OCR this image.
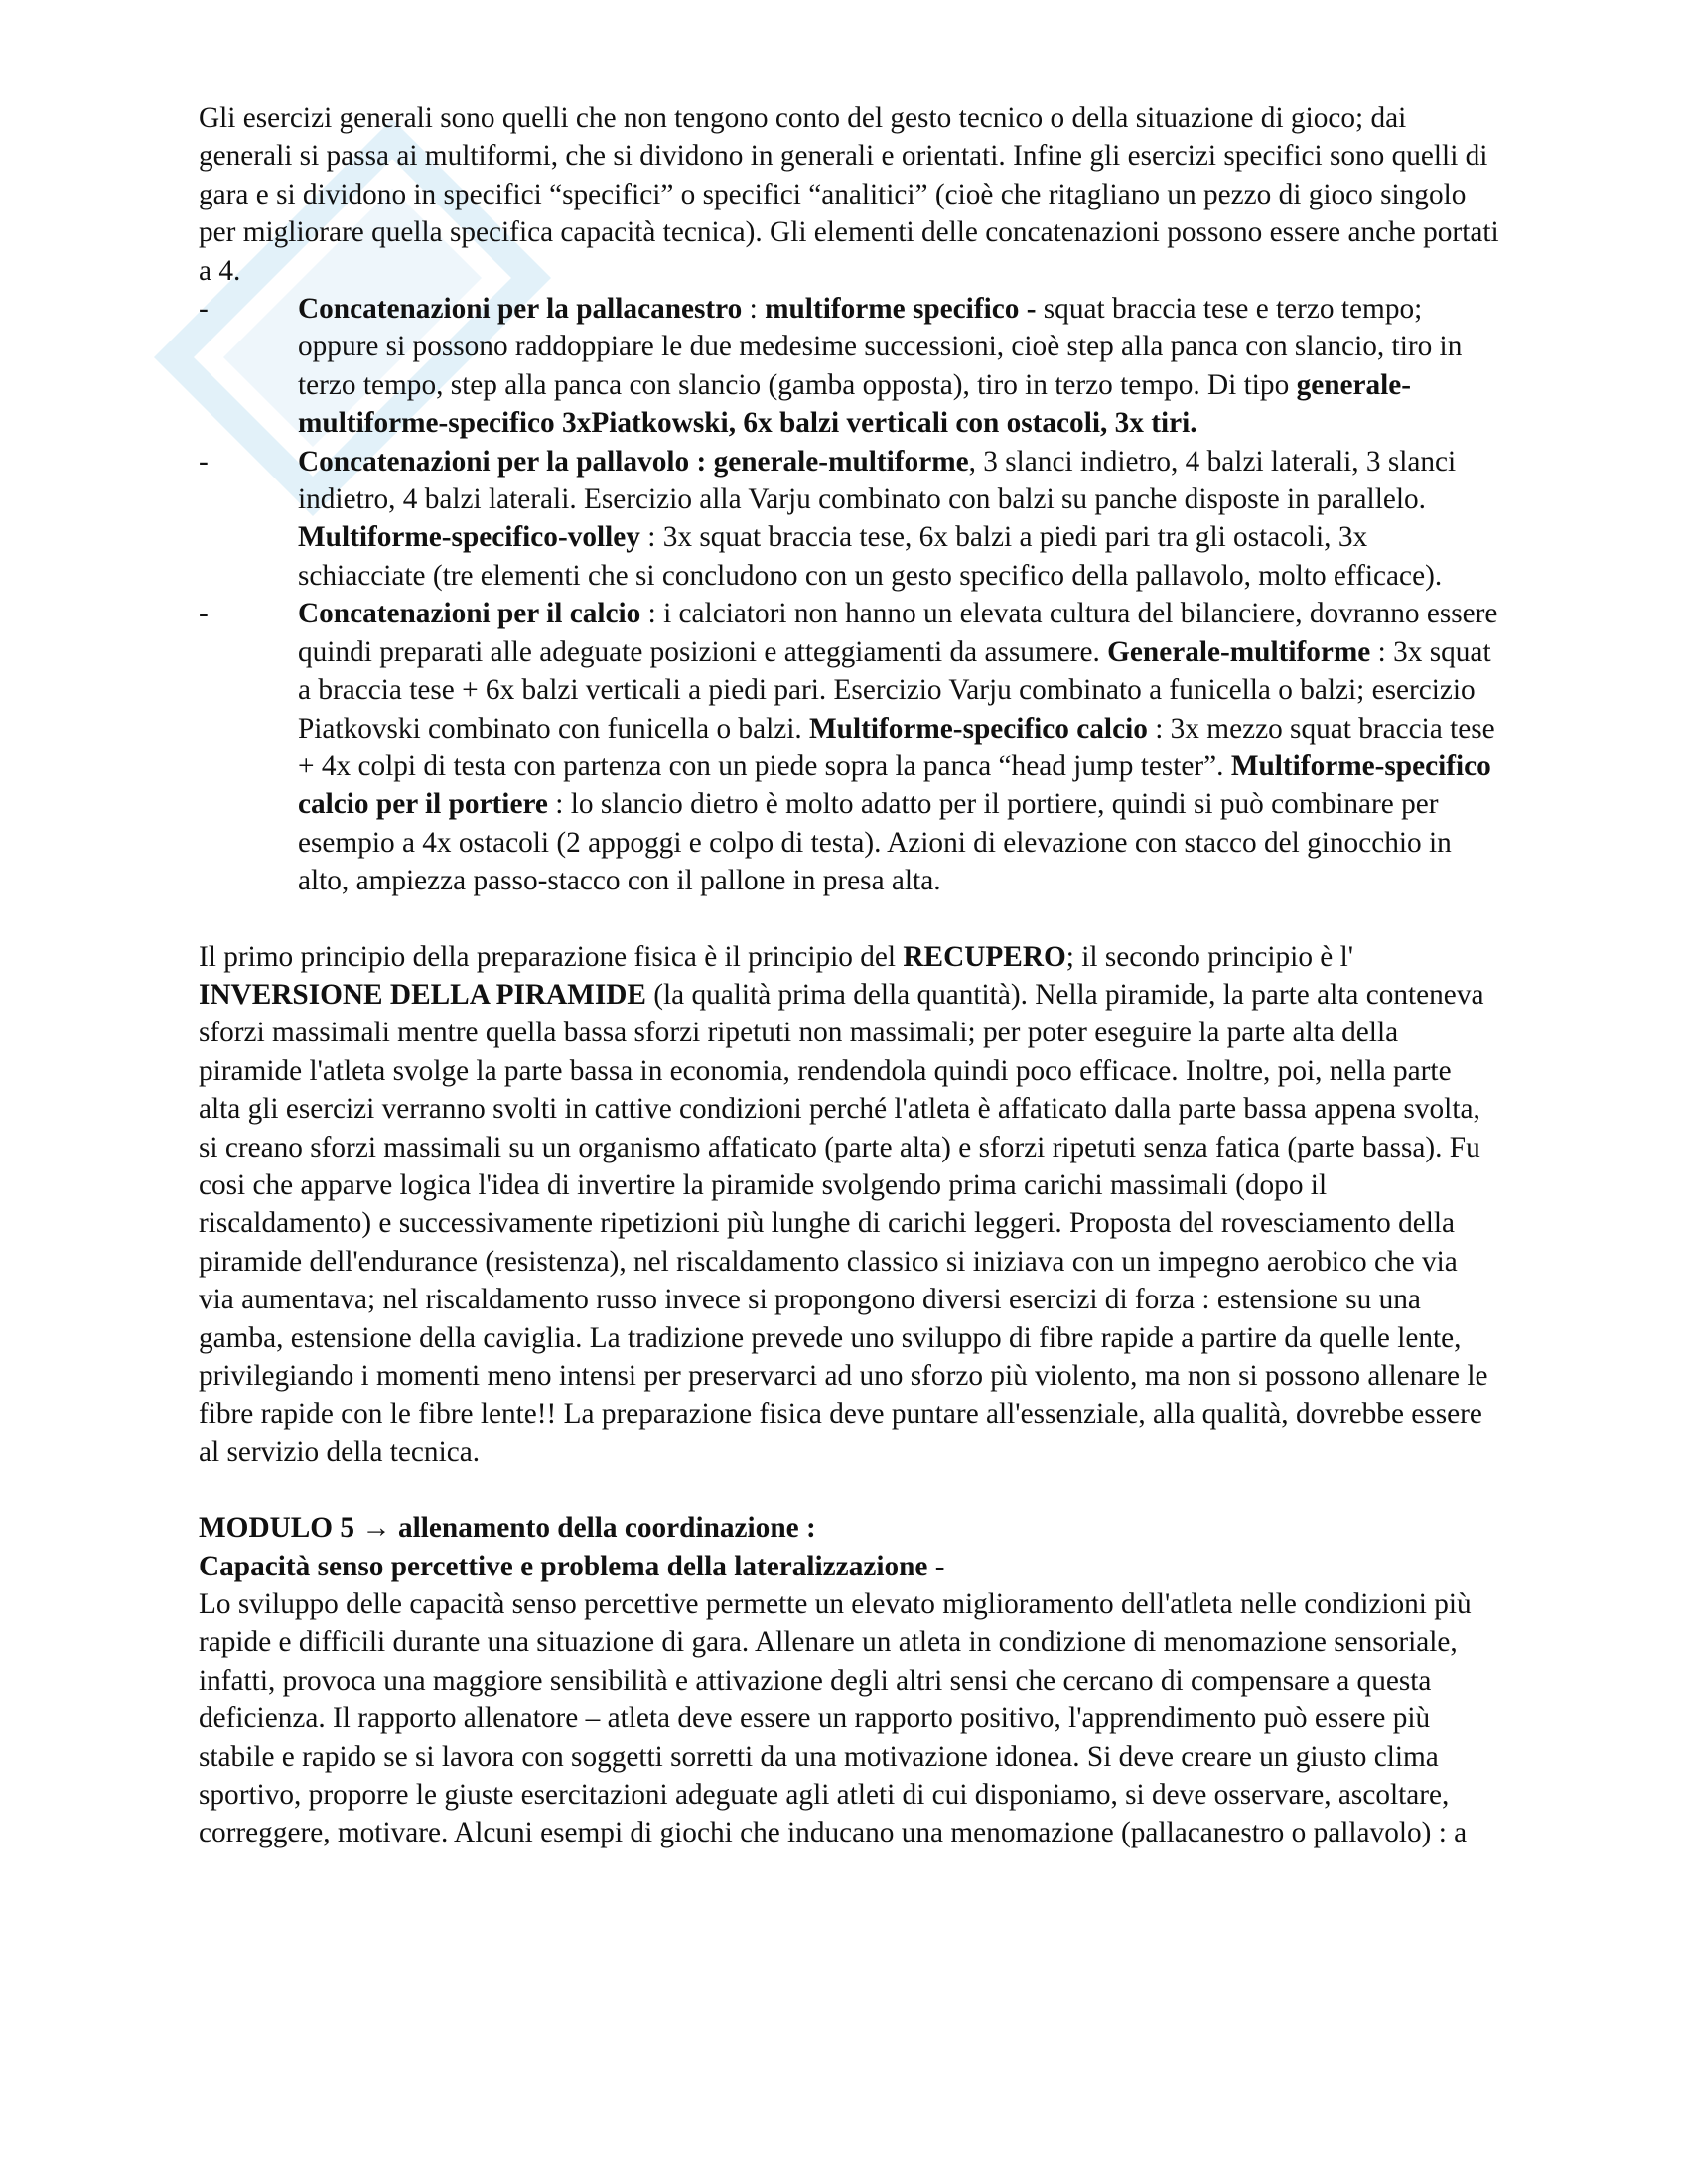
Gli esercizi generali sono quelli che non tengono conto del gesto tecnico o della situazione di gioco; dai generali si passa ai multiformi, che si dividono in generali e orientati. Infine gli esercizi specifici sono quelli di gara e si dividono in specifici “specifici” o specifici “analitici” (cioè che ritagliano un pezzo di gioco singolo per migliorare quella specifica capacità tecnica). Gli elementi delle concatenazioni possono essere anche portati a 4.

-	Concatenazioni per la pallacanestro : multiforme specifico - squat braccia tese e terzo tempo; oppure si possono raddoppiare le due medesime successioni, cioè step alla panca con slancio, tiro in terzo tempo, step alla panca con slancio (gamba opposta), tiro in terzo tempo. Di tipo generale-multiforme-specifico 3xPiatkowski, 6x balzi verticali con ostacoli, 3x tiri.
-	Concatenazioni per la pallavolo : generale-multiforme, 3 slanci indietro, 4 balzi laterali, 3 slanci indietro, 4 balzi laterali. Esercizio alla Varju combinato con balzi su panche disposte in parallelo. Multiforme-specifico-volley : 3x squat braccia tese, 6x balzi a piedi pari tra gli ostacoli, 3x schiacciate (tre elementi che si concludono con un gesto specifico della pallavolo, molto efficace).
-	Concatenazioni per il calcio : i calciatori non hanno un elevata cultura del bilanciere, dovranno essere quindi preparati alle adeguate posizioni e atteggiamenti da assumere. Generale-multiforme : 3x squat a braccia tese + 6x balzi verticali a piedi pari. Esercizio Varju combinato a funicella o balzi; esercizio Piatkovski combinato con funicella o balzi. Multiforme-specifico calcio : 3x mezzo squat braccia tese + 4x colpi di testa con partenza con un piede sopra la panca “head jump tester”. Multiforme-specifico calcio per il portiere : lo slancio dietro è molto adatto per il portiere, quindi si può combinare per esempio a 4x ostacoli (2 appoggi e colpo di testa). Azioni di elevazione con stacco del ginocchio in alto, ampiezza passo-stacco con il pallone in presa alta.

Il primo principio della preparazione fisica è il principio del RECUPERO; il secondo principio è l' INVERSIONE DELLA PIRAMIDE (la qualità prima della quantità). Nella piramide, la parte alta conteneva sforzi massimali mentre quella bassa sforzi ripetuti non massimali; per poter eseguire la parte alta della piramide l'atleta svolge la parte bassa in economia, rendendola quindi poco efficace. Inoltre, poi, nella parte alta gli esercizi verranno svolti in cattive condizioni perché l'atleta è affaticato dalla parte bassa appena svolta, si creano sforzi massimali su un organismo affaticato (parte alta) e sforzi ripetuti senza fatica (parte bassa). Fu cosi che apparve logica l'idea di invertire la piramide svolgendo prima carichi massimali (dopo il riscaldamento) e successivamente ripetizioni più lunghe di carichi leggeri. Proposta del rovesciamento della piramide dell'endurance (resistenza), nel riscaldamento classico si iniziava con un impegno aerobico che via via aumentava; nel riscaldamento russo invece si propongono diversi esercizi di forza : estensione su una gamba, estensione della caviglia. La tradizione prevede uno sviluppo di fibre rapide a partire da quelle lente, privilegiando i momenti meno intensi per preservarci ad uno sforzo più violento, ma non si possono allenare le fibre rapide con le fibre lente!! La preparazione fisica deve puntare all'essenziale, alla qualità, dovrebbe essere al servizio della tecnica.

MODULO 5 → allenamento della coordinazione :

Capacità senso percettive e problema della lateralizzazione -

Lo sviluppo delle capacità senso percettive permette un elevato miglioramento dell'atleta nelle condizioni più rapide e difficili durante una situazione di gara. Allenare un atleta in condizione di menomazione sensoriale, infatti, provoca una maggiore sensibilità e attivazione degli altri sensi che cercano di compensare a questa deficienza. Il rapporto allenatore – atleta deve essere un rapporto positivo, l'apprendimento può essere più stabile e rapido se si lavora con soggetti sorretti da una motivazione idonea. Si deve creare un giusto clima sportivo, proporre le giuste esercitazioni adeguate agli atleti di cui disponiamo, si deve osservare, ascoltare, correggere, motivare. Alcuni esempi di giochi che inducano una menomazione (pallacanestro o pallavolo) : a
